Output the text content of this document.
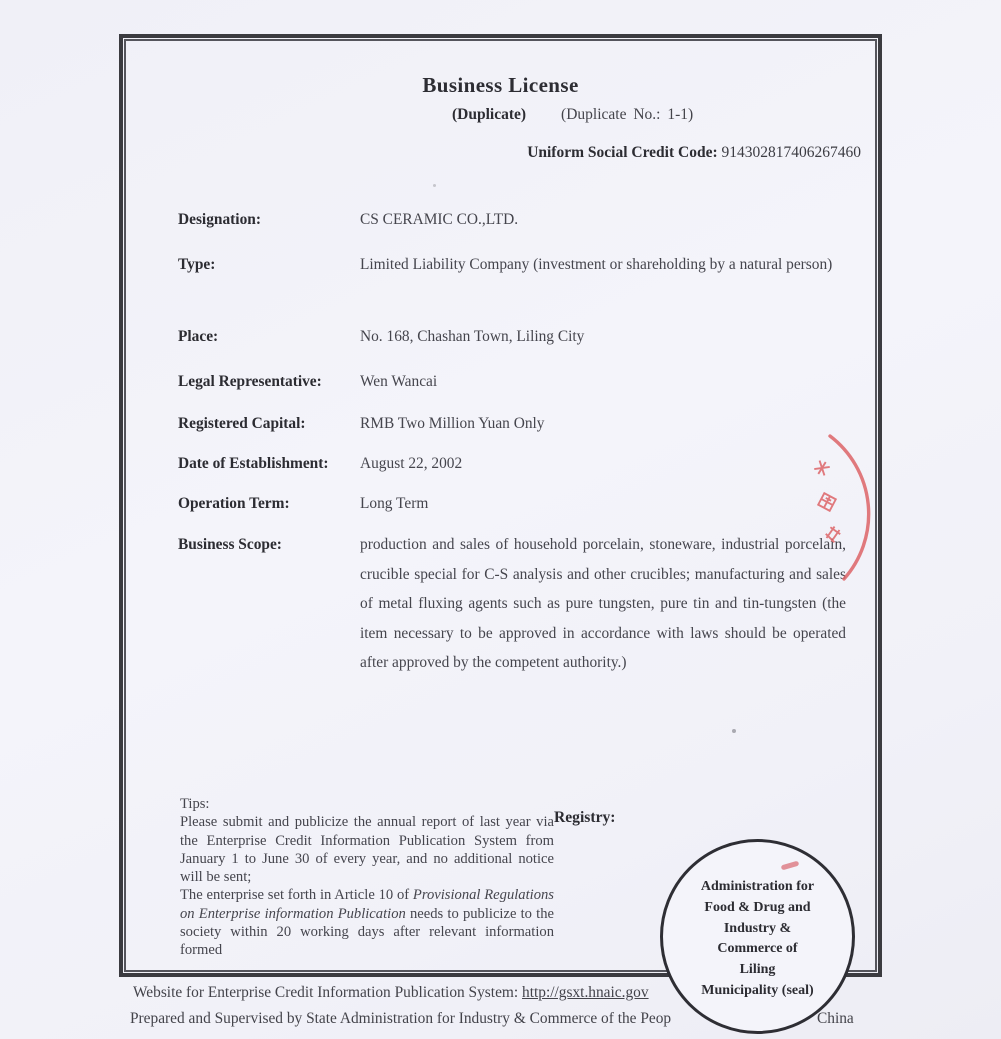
Business License
(Duplicate) (Duplicate No.: 1-1)
Uniform Social Credit Code: 914302817406267460
Designation:	CS CERAMIC CO.,LTD.
Type:	Limited Liability Company (investment or shareholding by a natural person)
Place:	No. 168, Chashan Town, Liling City
Legal Representative:	Wen Wancai
Registered Capital:	RMB Two Million Yuan Only
Date of Establishment:	August 22, 2002
Operation Term:	Long Term
Business Scope:	production and sales of household porcelain, stoneware, industrial porcelain, crucible special for C-S analysis and other crucibles; manufacturing and sales of metal fluxing agents such as pure tungsten, pure tin and tin-tungsten (the item necessary to be approved in accordance with laws should be operated after approved by the competent authority.)
Tips:

Please submit and publicize the annual report of last year via the Enterprise Credit Information Publication System from January 1 to June 30 of every year, and no additional notice will be sent;

The enterprise set forth in Article 10 of Provisional Regulations on Enterprise information Publication needs to publicize to the society within 20 working days after relevant information formed

Registry:
Website for Enterprise Credit Information Publication System: http://gsxt.hnaic.gov
Prepared and Supervised by State Administration for Industry & Commerce of the Peop	China
Administration for
Food & Drug and
Industry &
Commerce of
Liling
Municipality (seal)
